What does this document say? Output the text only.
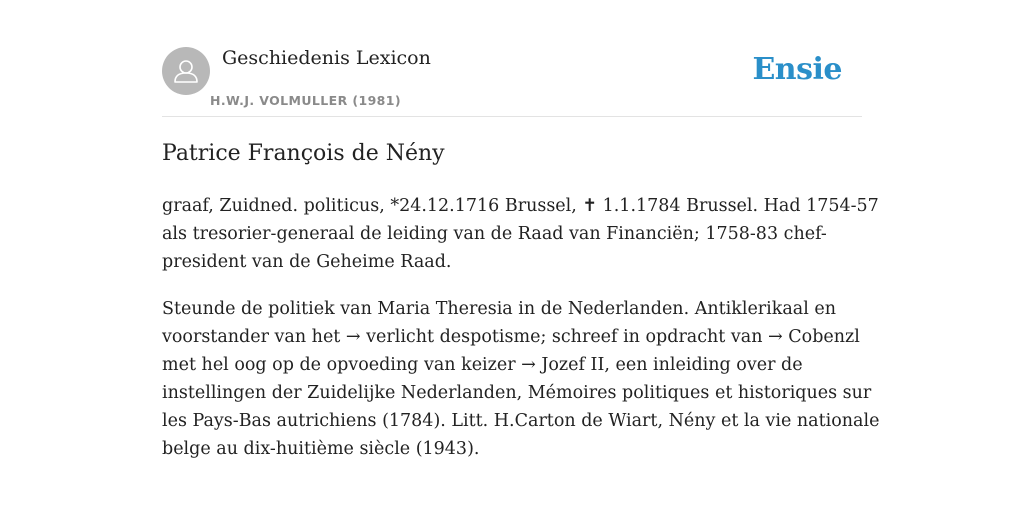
Geschiedenis Lexicon
H.W.J. VOLMULLER (1981)
Ensie
Patrice François de Nény

graaf, Zuidned. politicus, *24.12.1716 Brussel, ✝ 1.1.1784 Brussel. Had 1754-57
als tresorier-generaal de leiding van de Raad van Financiën; 1758-83 chef-
president van de Geheime Raad.

Steunde de politiek van Maria Theresia in de Nederlanden. Antiklerikaal en
voorstander van het → verlicht despotisme; schreef in opdracht van → Cobenzl
met hel oog op de opvoeding van keizer → Jozef II, een inleiding over de
instellingen der Zuidelijke Nederlanden, Mémoires politiques et historiques sur
les Pays-Bas autrichiens (1784). Litt. H.Carton de Wiart, Nény et la vie nationale
belge au dix-huitième siècle (1943).
